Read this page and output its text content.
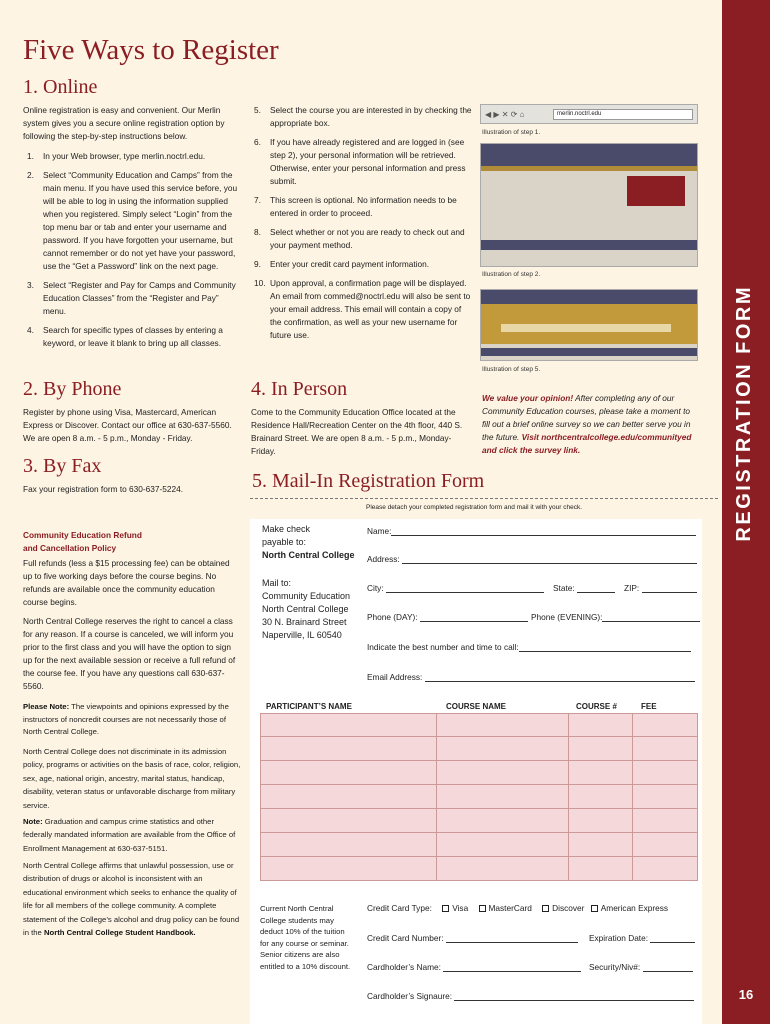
REGISTRATION FORM
16
Five Ways to Register
1. Online
Online registration is easy and convenient. Our Merlin system gives you a secure online registration option by following the step-by-step instructions below.
1. In your Web browser, type merlin.noctrl.edu.
2. Select “Community Education and Camps” from the main menu. If you have used this service before, you will be able to log in using the information supplied when you registered. Simply select “Login” from the top menu bar or tab and enter your username and password. If you have forgotten your username, but cannot remember or do not yet have your password, use the “Get a Password” link on the next page.
3. Select “Register and Pay for Camps and Community Education Classes” from the “Register and Pay” menu.
4. Search for specific types of classes by entering a keyword, or leave it blank to bring up all classes.
5. Select the course you are interested in by checking the appropriate box.
6. If you have already registered and are logged in (see step 2), your personal information will be retrieved. Otherwise, enter your personal information and press submit.
7. This screen is optional. No information needs to be entered in order to proceed.
8. Select whether or not you are ready to check out and your payment method.
9. Enter your credit card payment information.
10. Upon approval, a confirmation page will be displayed. An email from commed@noctrl.edu will also be sent to your email address. This email will contain a copy of the confirmation, as well as your new username for future use.
◀ ▶ ✕ ⟳ ⌂	merlin.noctrl.edu
Illustration of step 1.
Illustration of step 2.
Illustration of step 5.
2. By Phone
Register by phone using Visa, Mastercard, American Express or Discover. Contact our office at 630-637-5560. We are open 8 a.m. - 5 p.m., Monday - Friday.
4. In Person
Come to the Community Education Office located at the Residence Hall/Recreation Center on the 4th floor, 440 S. Brainard Street. We are open 8 a.m. - 5 p.m., Monday-Friday.
We value your opinion! After completing any of our Community Education courses, please take a moment to fill out a brief online survey so we can better serve you in the future. Visit northcentralcollege.edu/communityed and click the survey link.
3. By Fax
Fax your registration form to 630-637-5224.	5. Mail-In Registration Form
Please detach your completed registration form and mail it with your check.
Community Education Refund
and Cancellation Policy
Full refunds (less a $15 processing fee) can be obtained up to five working days before the course begins. No refunds are available once the community education course begins.
North Central College reserves the right to cancel a class for any reason. If a course is canceled, we will inform you prior to the first class and you will have the option to sign up for the next available session or receive a full refund of the course fee. If you have any questions call 630-637-5560.
Please Note: The viewpoints and opinions expressed by the instructors of noncredit courses are not necessarily those of North Central College.
North Central College does not discriminate in its admission policy, programs or activities on the basis of race, color, religion, sex, age, national origin, ancestry, marital status, handicap, disability, veteran status or unfavorable discharge from military service.
Note: Graduation and campus crime statistics and other federally mandated information are available from the Office of Enrollment Management at 630-637-5151.
North Central College affirms that unlawful possession, use or distribution of drugs or alcohol is inconsistent with an educational environment which seeks to enhance the quality of life for all members of the college community. A complete statement of the College’s alcohol and drug policy can be found in the North Central College Student Handbook.
Make check
payable to:
North Central College
Mail to:
Community Education
North Central College
30 N. Brainard Street
Naperville, IL 60540
Name:
Address:
City:	State:	ZIP:
Phone (DAY):	Phone (EVENING):
Indicate the best number and time to call:
Email Address:
PARTICIPANT’S NAME	COURSE NAME	COURSE #	FEE
Current North Central College students may deduct 10% of the tuition for any course or seminar. Senior citizens are also entitled to a 10% discount.
Credit Card Type: Visa MasterCard Discover American Express
Credit Card Number:	Expiration Date:
Cardholder’s Name:	Security/Niv#:
Cardholder’s Signaure:
